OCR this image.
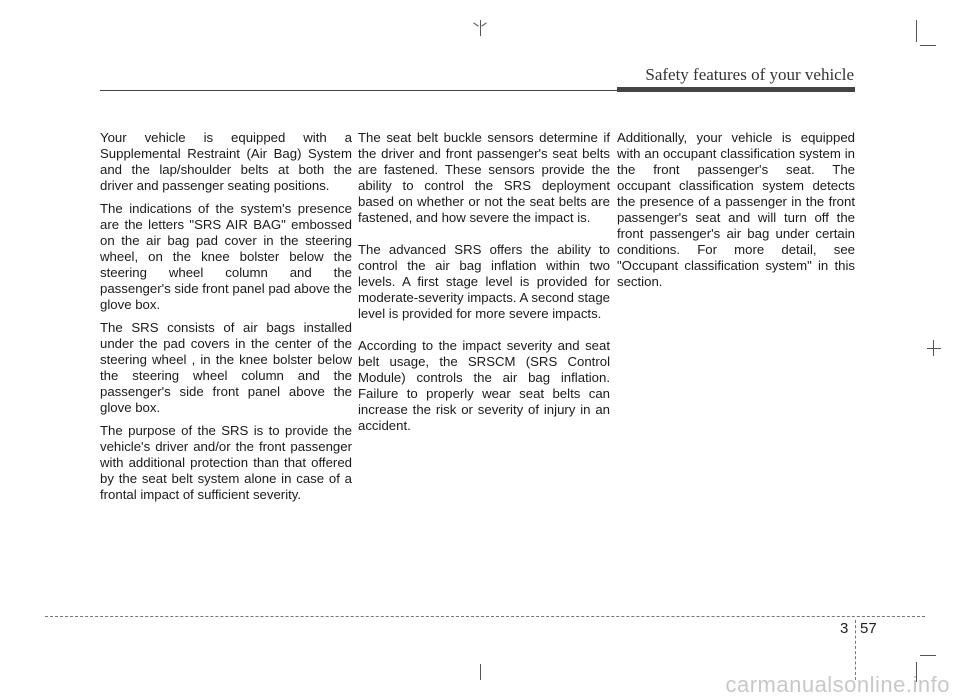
Safety features of your vehicle

Your vehicle is equipped with a Supplemental Restraint (Air Bag) System and the lap/shoulder belts at both the driver and passenger seating positions.

The indications of the system's presence are the letters "SRS AIR BAG" embossed on the air bag pad cover in the steering wheel, on the knee bolster below the steering wheel column and the passenger's side front panel pad above the glove box.

The SRS consists of air bags installed under the pad covers in the center of the steering wheel , in the knee bolster below the steering wheel column and the passenger's side front panel above the glove box.

The purpose of the SRS is to provide the vehicle's driver and/or the front passenger with additional protection than that offered by the seat belt system alone in case of a frontal impact of sufficient severity.

The seat belt buckle sensors determine if the driver and front passenger's seat belts are fastened. These sensors provide the ability to control the SRS deployment based on whether or not the seat belts are fastened, and how severe the impact is.

The advanced SRS offers the ability to control the air bag inflation within two levels. A first stage level is provided for moderate-severity impacts. A second stage level is provided for more severe impacts.

According to the impact severity and seat belt usage, the SRSCM (SRS Control Module) controls the air bag inflation. Failure to properly wear seat belts can increase the risk or severity of injury in an accident.

Additionally, your vehicle is equipped with an occupant classification system in the front passenger's seat. The occupant classification system detects the presence of a passenger in the front passenger's seat and will turn off the front passenger's air bag under certain conditions. For more detail, see "Occupant classification system" in this section.

3 57
carmanualsonline.info
